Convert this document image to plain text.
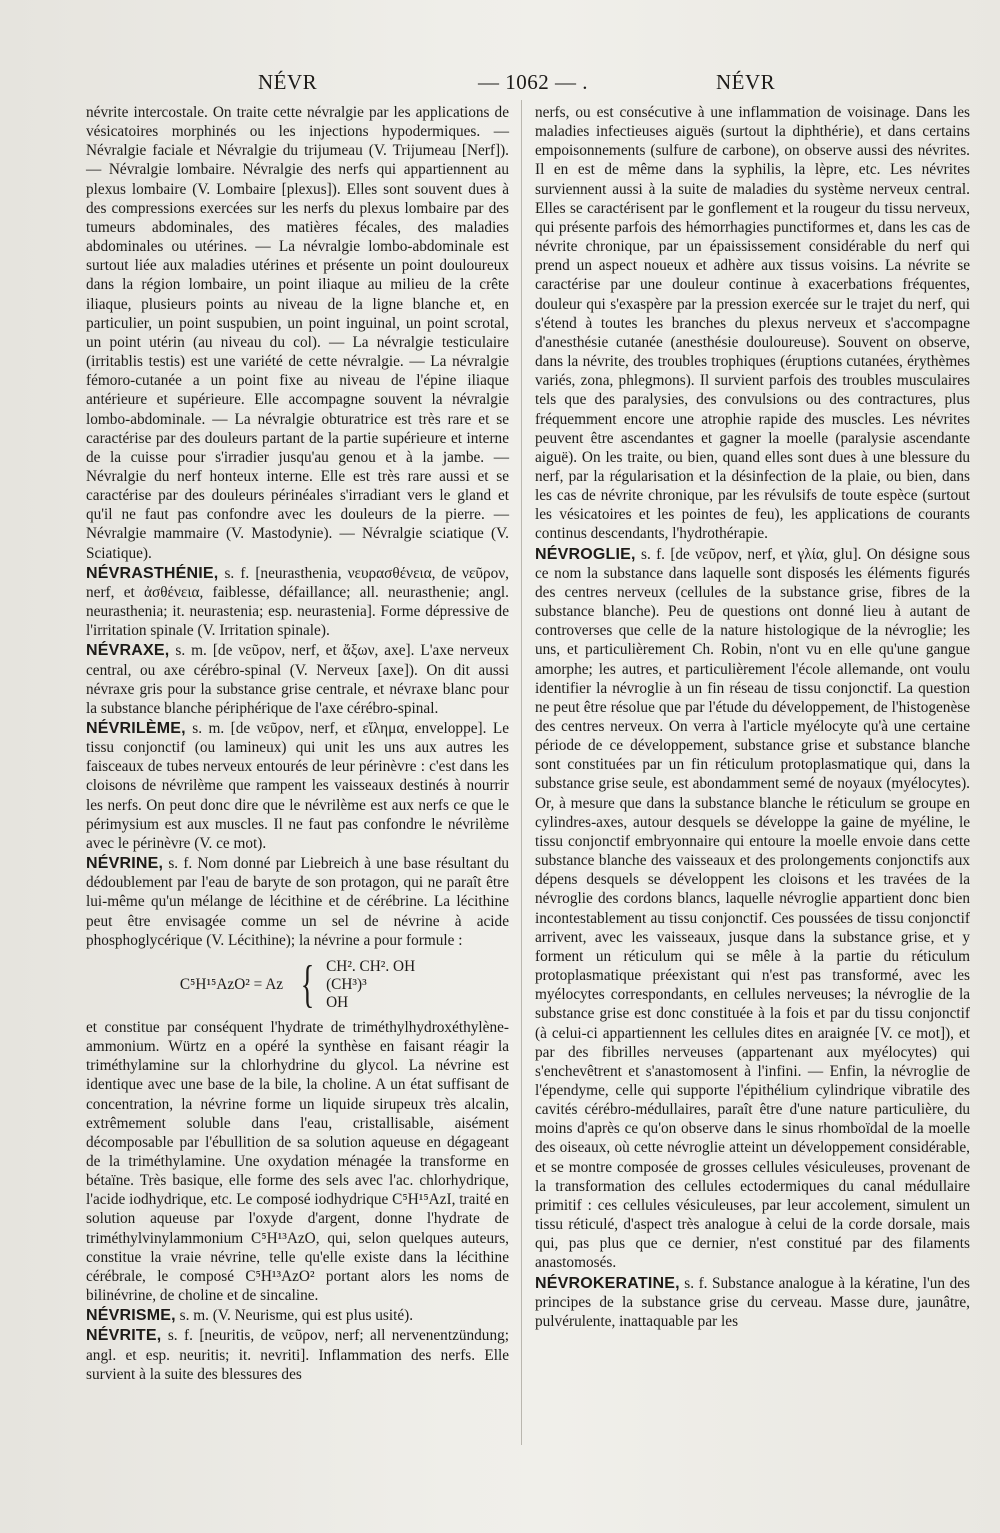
NÉVR	— 1062 — .	NÉVR

névrite intercostale. On traite cette névralgie par les applications de vésicatoires morphinés ou les injections hypodermiques. — Névralgie faciale et Névralgie du trijumeau (V. Trijumeau [Nerf]). — Névralgie lombaire. Névralgie des nerfs qui appartiennent au plexus lombaire (V. Lombaire [plexus]). Elles sont souvent dues à des compressions exercées sur les nerfs du plexus lombaire par des tumeurs abdominales, des matières fécales, des maladies abdominales ou utérines. — La névralgie lombo-abdominale est surtout liée aux maladies utérines et présente un point douloureux dans la région lombaire, un point iliaque au milieu de la crête iliaque, plusieurs points au niveau de la ligne blanche et, en particulier, un point suspubien, un point inguinal, un point scrotal, un point utérin (au niveau du col). — La névralgie testiculaire (irritablis testis) est une variété de cette névralgie. — La névralgie fémoro-cutanée a un point fixe au niveau de l'épine iliaque antérieure et supérieure. Elle accompagne souvent la névralgie lombo-abdominale. — La névralgie obturatrice est très rare et se caractérise par des douleurs partant de la partie supérieure et interne de la cuisse pour s'irradier jusqu'au genou et à la jambe. — Névralgie du nerf honteux interne. Elle est très rare aussi et se caractérise par des douleurs périnéales s'irradiant vers le gland et qu'il ne faut pas confondre avec les douleurs de la pierre. — Névralgie mammaire (V. Mastodynie). — Névralgie sciatique (V. Sciatique).

NÉVRASTHÉNIE, s. f. [neurasthenia, νευρασθένεια, de νεῦρον, nerf, et ἀσθένεια, faiblesse, défaillance; all. neurasthenie; angl. neurasthenia; it. neurastenia; esp. neurastenia]. Forme dépressive de l'irritation spinale (V. Irritation spinale).

NÉVRAXE, s. m. [de νεῦρον, nerf, et ἄξων, axe]. L'axe nerveux central, ou axe cérébro-spinal (V. Nerveux [axe]). On dit aussi névraxe gris pour la substance grise centrale, et névraxe blanc pour la substance blanche périphérique de l'axe cérébro-spinal.

NÉVRILÈME, s. m. [de νεῦρον, nerf, et εἴλημα, enveloppe]. Le tissu conjonctif (ou lamineux) qui unit les uns aux autres les faisceaux de tubes nerveux entourés de leur périnèvre : c'est dans les cloisons de névrilème que rampent les vaisseaux destinés à nourrir les nerfs. On peut donc dire que le névrilème est aux nerfs ce que le périmysium est aux muscles. Il ne faut pas confondre le névrilème avec le périnèvre (V. ce mot).

NÉVRINE, s. f. Nom donné par Liebreich à une base résultant du dédoublement par l'eau de baryte de son protagon, qui ne paraît être lui-même qu'un mélange de lécithine et de cérébrine. La lécithine peut être envisagée comme un sel de névrine à acide phosphoglycérique (V. Lécithine); la névrine a pour formule :

C⁵H¹⁵AzO² = Az { CH². CH². OH
(CH³)³
OH

et constitue par conséquent l'hydrate de triméthylhydroxéthylène-ammonium. Würtz en a opéré la synthèse en faisant réagir la triméthylamine sur la chlorhydrine du glycol. La névrine est identique avec une base de la bile, la choline. A un état suffisant de concentration, la névrine forme un liquide sirupeux très alcalin, extrêmement soluble dans l'eau, cristallisable, aisément décomposable par l'ébullition de sa solution aqueuse en dégageant de la triméthylamine. Une oxydation ménagée la transforme en bétaïne. Très basique, elle forme des sels avec l'ac. chlorhydrique, l'acide iodhydrique, etc. Le composé iodhydrique C⁵H¹⁵AzI, traité en solution aqueuse par l'oxyde d'argent, donne l'hydrate de triméthylvinylammonium C⁵H¹³AzO, qui, selon quelques auteurs, constitue la vraie névrine, telle qu'elle existe dans la lécithine cérébrale, le composé C⁵H¹³AzO² portant alors les noms de bilinévrine, de choline et de sincaline.

NÉVRISME, s. m. (V. Neurisme, qui est plus usité).

NÉVRITE, s. f. [neuritis, de νεῦρον, nerf; all nervenentzündung; angl. et esp. neuritis; it. nevriti]. Inflammation des nerfs. Elle survient à la suite des blessures des

nerfs, ou est consécutive à une inflammation de voisinage. Dans les maladies infectieuses aiguës (surtout la diphthérie), et dans certains empoisonnements (sulfure de carbone), on observe aussi des névrites. Il en est de même dans la syphilis, la lèpre, etc. Les névrites surviennent aussi à la suite de maladies du système nerveux central. Elles se caractérisent par le gonflement et la rougeur du tissu nerveux, qui présente parfois des hémorrhagies punctiformes et, dans les cas de névrite chronique, par un épaississement considérable du nerf qui prend un aspect noueux et adhère aux tissus voisins. La névrite se caractérise par une douleur continue à exacerbations fréquentes, douleur qui s'exaspère par la pression exercée sur le trajet du nerf, qui s'étend à toutes les branches du plexus nerveux et s'accompagne d'anesthésie cutanée (anesthésie douloureuse). Souvent on observe, dans la névrite, des troubles trophiques (éruptions cutanées, érythèmes variés, zona, phlegmons). Il survient parfois des troubles musculaires tels que des paralysies, des convulsions ou des contractures, plus fréquemment encore une atrophie rapide des muscles. Les névrites peuvent être ascendantes et gagner la moelle (paralysie ascendante aiguë). On les traite, ou bien, quand elles sont dues à une blessure du nerf, par la régularisation et la désinfection de la plaie, ou bien, dans les cas de névrite chronique, par les révulsifs de toute espèce (surtout les vésicatoires et les pointes de feu), les applications de courants continus descendants, l'hydrothérapie.

NÉVROGLIE, s. f. [de νεῦρον, nerf, et γλία, glu]. On désigne sous ce nom la substance dans laquelle sont disposés les éléments figurés des centres nerveux (cellules de la substance grise, fibres de la substance blanche). Peu de questions ont donné lieu à autant de controverses que celle de la nature histologique de la névroglie; les uns, et particulièrement Ch. Robin, n'ont vu en elle qu'une gangue amorphe; les autres, et particulièrement l'école allemande, ont voulu identifier la névroglie à un fin réseau de tissu conjonctif. La question ne peut être résolue que par l'étude du développement, de l'histogenèse des centres nerveux. On verra à l'article myélocyte qu'à une certaine période de ce développement, substance grise et substance blanche sont constituées par un fin réticulum protoplasmatique qui, dans la substance grise seule, est abondamment semé de noyaux (myélocytes). Or, à mesure que dans la substance blanche le réticulum se groupe en cylindres-axes, autour desquels se développe la gaine de myéline, le tissu conjonctif embryonnaire qui entoure la moelle envoie dans cette substance blanche des vaisseaux et des prolongements conjonctifs aux dépens desquels se développent les cloisons et les travées de la névroglie des cordons blancs, laquelle névroglie appartient donc bien incontestablement au tissu conjonctif. Ces poussées de tissu conjonctif arrivent, avec les vaisseaux, jusque dans la substance grise, et y forment un réticulum qui se mêle à la partie du réticulum protoplasmatique préexistant qui n'est pas transformé, avec les myélocytes correspondants, en cellules nerveuses; la névroglie de la substance grise est donc constituée à la fois et par du tissu conjonctif (à celui-ci appartiennent les cellules dites en araignée [V. ce mot]), et par des fibrilles nerveuses (appartenant aux myélocytes) qui s'enchevêtrent et s'anastomosent à l'infini. — Enfin, la névroglie de l'épendyme, celle qui supporte l'épithélium cylindrique vibratile des cavités cérébro-médullaires, paraît être d'une nature particulière, du moins d'après ce qu'on observe dans le sinus rhomboïdal de la moelle des oiseaux, où cette névroglie atteint un développement considérable, et se montre composée de grosses cellules vésiculeuses, provenant de la transformation des cellules ectodermiques du canal médullaire primitif : ces cellules vésiculeuses, par leur accolement, simulent un tissu réticulé, d'aspect très analogue à celui de la corde dorsale, mais qui, pas plus que ce dernier, n'est constitué par des filaments anastomosés.

NÉVROKERATINE, s. f. Substance analogue à la kératine, l'un des principes de la substance grise du cerveau. Masse dure, jaunâtre, pulvérulente, inattaquable par les
